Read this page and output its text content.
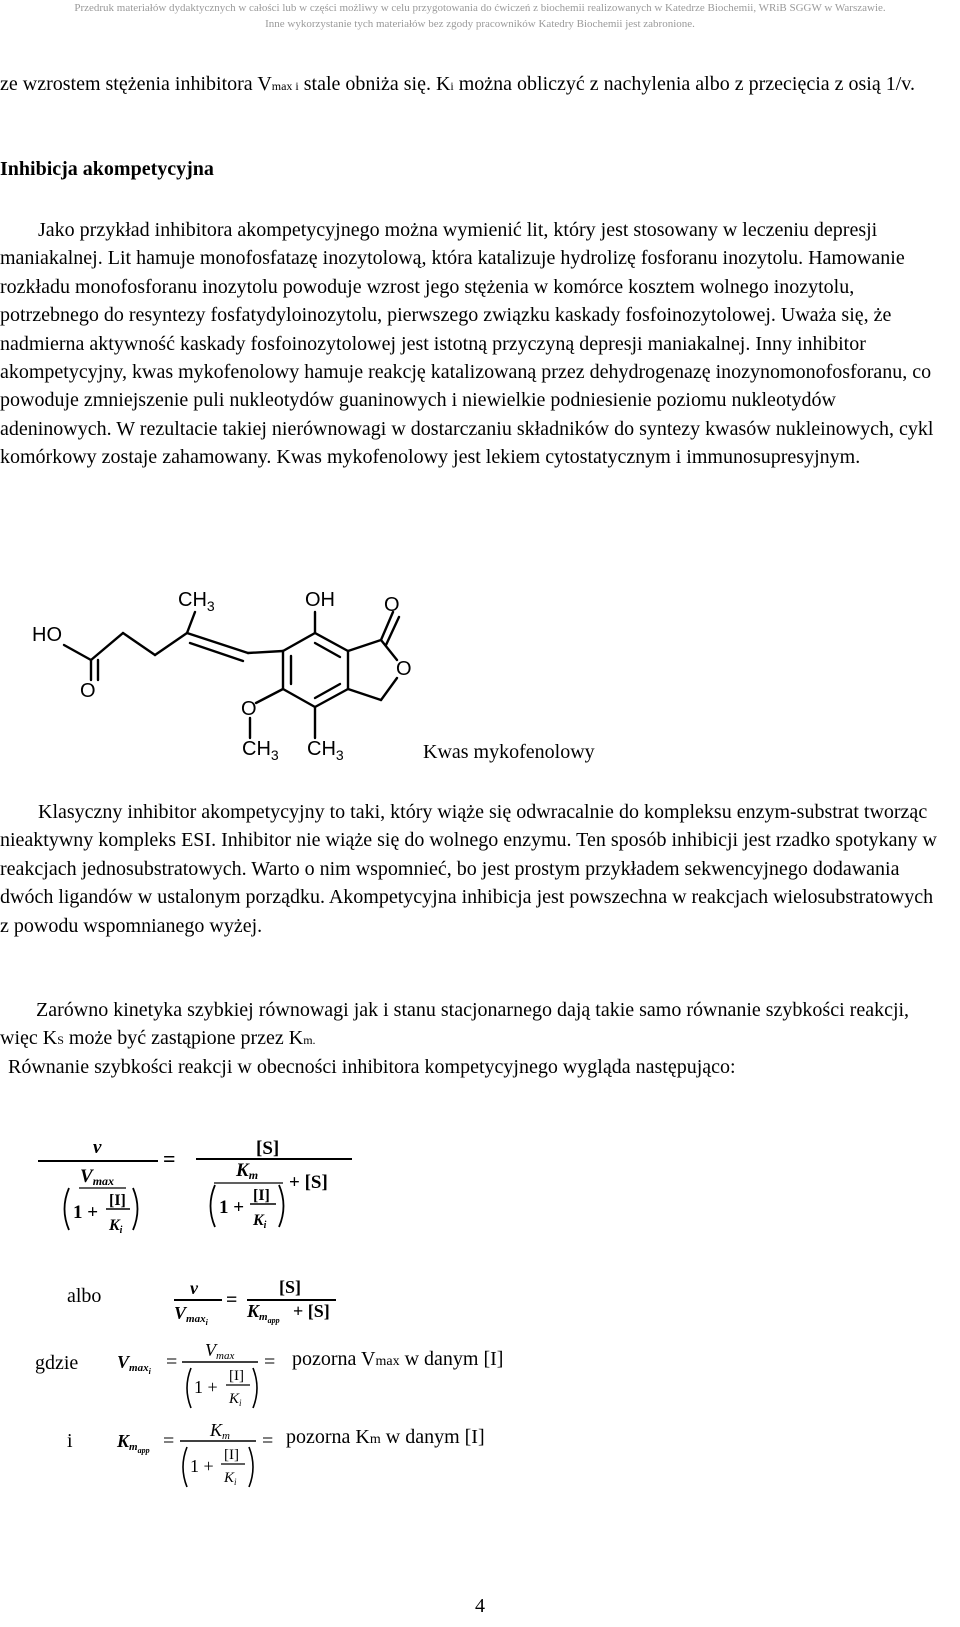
Przedruk materiałów dydaktycznych w całości lub w części możliwy w celu przygotowania do ćwiczeń z biochemii realizowanych w Katedrze Biochemii, WRiB SGGW w Warszawie.
Inne wykorzystanie tych materiałów bez zgody pracowników Katedry Biochemii jest zabronione.

ze wzrostem stężenia inhibitora Vmax i stale obniża się. Ki można obliczyć z nachylenia albo z przecięcia z osią 1/v.

Inhibicja akompetycyjna

Jako przykład inhibitora akompetycyjnego można wymienić lit, który jest stosowany w leczeniu depresji maniakalnej. Lit hamuje monofosfatazę inozytolową, która katalizuje hydrolizę fosforanu inozytolu. Hamowanie rozkładu monofosforanu inozytolu powoduje wzrost jego stężenia w komórce kosztem wolnego inozytolu, potrzebnego do resyntezy fosfatydyloinozytolu, pierwszego związku kaskady fosfoinozytolowej. Uważa się, że nadmierna aktywność kaskady fosfoinozytolowej jest istotną przyczyną depresji maniakalnej. Inny inhibitor akompetycyjny, kwas mykofenolowy hamuje reakcję katalizowaną przez dehydrogenazę inozynomonofosforanu, co powoduje zmniejszenie puli nukleotydów guaninowych i niewielkie podniesienie poziomu nukleotydów adeninowych. W rezultacie takiej nierównowagi w dostarczaniu składników do syntezy kwasów nukleinowych, cykl komórkowy zostaje zahamowany. Kwas mykofenolowy jest lekiem cytostatycznym i immunosupresyjnym.

$CH_3$	OH O
HO
O
O
O
$CH_3$ $CH_3$	Kwas mykofenolowy

Klasyczny inhibitor akompetycyjny to taki, który wiąże się odwracalnie do kompleksu enzym-substrat tworząc nieaktywny kompleks ESI. Inhibitor nie wiąże się do wolnego enzymu. Ten sposób inhibicji jest rzadko spotykany w reakcjach jednosubstratowych. Warto o nim wspomnieć, bo jest prostym przykładem sekwencyjnego dodawania dwóch ligandów w ustalonym porządku. Akompetycyjna inhibicja jest powszechna w reakcjach wielosubstratowych z powodu wspomnianego wyżej.

Zarówno kinetyka szybkiej równowagi jak i stanu stacjonarnego dają takie samo równanie szybkości reakcji, więc KS może być zastąpione przez Km.

Równanie szybkości reakcji w obecności inhibitora kompetycyjnego wygląda następująco:

v
Vmax
1 +
[I]
Ki
=	[S]
Km + [S]
1 +
[I]
Ki
albo	v
Vmaxi
=
[S]
Kmapp + [S]
gdzie Vmaxi =
Vmax
1 +
[I]
$K_i$
= pozorna Vmax w danym [I]
i Kmapp = Km
1 +
[I]
$K_i$
= pozorna Km w danym [I]
4
